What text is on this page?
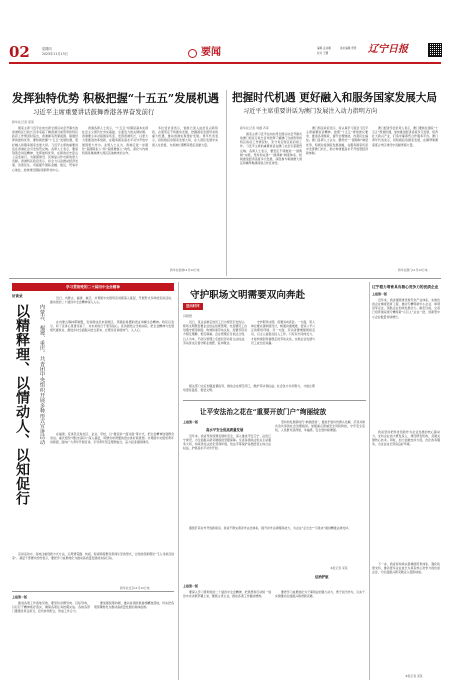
02	星期四
2025年11月13日	要闻	编辑 孟诗娴
校对 王馨
美术编辑 曾青 辽宁日报
发挥独特优势 积极把握“十五五”发展机遇
习近平主席重要讲话鼓舞香港各界奋发前行
新华社记者 某某

国家主席习近平在向出席全国运动会开幕式的香港特区行政长官李家超了解香港当前形势和特区政府工作情况时指出，香港拥有背靠祖国、联通世界的独特优势，要积极把握“十五五”发展机遇，更好融入和服务国家发展大局。习近平主席的重要讲话在香港社会引发热烈反响。各界人士表示，要深刻领会讲话精神，发挥独特优势，在新的历史起点上奋发前行，为强国建设、民族复兴作出新的更大贡献。香港特区政府表示，将全力以赴推动经济发展、改善民生，巩固提升国际金融、航运、贸易中心地位，加快建设国际创新科技中心。

香港各界人士表示，“十五五”时期是基本实现社会主义现代化夯实基础、全面发力的关键时期。香港要主动对接国家所需，发挥香港所长，以更大力度推进改革创新，在服务国家高水平对外开放中展现更大作为。业界人士认为，香港应进一步强化“超级联系人”和“超级增值人”角色，深化与内地特别是粤港澳大湾区其他城市的合作。

多位受访者表示，香港已进入由治及兴新阶段，必须坚定不移推动发展，把握国家发展带来的重大机遇，推动香港实现更好发展。青年代表表示，将积极投身国家发展大局，在大湾区发展中实现人生价值，为香港长期繁荣稳定贡献力量。

新华社香港11月12日电
把握时代机遇 更好融入和服务国家发展大局
习近平主席重要讲话为澳门发展注入动力指明方向
新华社记者 刘刚 齐菲

国家主席习近平在向出席全国运动会开幕式的澳门特区行政长官岑浩辉了解澳门当前形势和特区政府工作情况时，充分肯定特区政府的工作。习近平主席的重要讲话在澳门社会引起强烈反响。各界人士表示，要坚定不移推进“一国两制”实践，坚持和完善“一国两制”制度体系，积极推进经济适度多元发展，深度参与粤港澳大湾区和横琴粤澳深度合作区建设。

澳门特区政府表示，将认真学习领会习近平主席重要讲话精神，按照“十五五”规划建议要求，推进各项施政，提升治理效能，改善民生福祉。澳门各界人士认为，要用好“一国两制”制度优势，积极对接国家发展战略，在服务国家所需中发挥澳门所长，助力构建更高水平开放型经济新体制。

澳门经济学会负责人表示，澳门要抓住国家“十五五”规划机遇，加快推进经济适度多元发展，培育壮大新兴产业，打造中葡商贸合作服务平台。澳门青年代表表示，将积极投身国家发展，在横琴粤澳深度合作区建设中贡献青春力量。

新华社澳门11月12日电
学习贯彻党的二十届四中全会精神
访谈录
以精释理、以情动人、以知促行 内蒙古、福建、重庆、共青团中央组织开展多种形式宣讲活动

近日，内蒙古、福建、重庆、共青团中央组织宣讲团深入基层，开展形式多样的宣讲活动，推动党的二十届四中全会精神深入人心。

在内蒙古锡林郭勒盟，宣讲团成员来到牧区，用通俗易懂的语言讲解全会精神。牧民们表示，听了宣讲心里更亮堂了，对未来的日子更有信心。宣讲团结合当地实际，把全会精神与发展现代畜牧业、推进乡村全面振兴结合起来，让理论宣讲接地气、入人心。

在福建，宣讲员走进社区、企业、学校，以“微宣讲”“面对面”等方式，把全会精神送到群众身边。重庆组织“理论轻骑兵”深入基层，用群众听得懂的语言讲好新思想。共青团中央组织青年讲师团，面向广大青年开展宣讲，引导青年坚定理想信念，奋力投身强国建设。

宣讲活动中，各地注重创新方式方法，运用情景剧、快板、短视频等群众喜闻乐见的形式，让党的创新理论“飞入寻常百姓家”。基层干部群众纷纷表示，要把学习成果转化为推动高质量发展的实际行动。

新华社北京11月12日电
上接第一版

推进各项工作落地见效，要坚持问题导向、目标导向，以钉钉子精神抓好落实，确保各项任务按期完成。各地各部门要强化责任担当，密切协作配合，形成工作合力。

要加强统筹协调，推动各项政策措施精准落地，切实把各项部署转化为推动高质量发展的具体成效。

守护职场文明需要双向奔赴
送出时评
冯朝德

近日，某企业制定的员工行为规范引发热议。职场文明既需要企业依法依规管理，也需要员工自觉遵守规章制度。构建和谐劳动关系，需要劳资双方相互理解、相互尊重。企业管理应当依法合规、以人为本，不能以管理之名侵犯劳动者合法权益；劳动者也应恪守职业道德，爱岗敬业。

守护职场文明，需要双向奔赴。一方面，用人单位要完善制度设计，畅通沟通渠道，营造公平公正的职场环境；另一方面，劳动者要增强规则意识，以主人翁姿态投入工作。只有双方同向发力，才能构建起和谐稳定的劳动关系，实现企业发展与员工成长的双赢。

相关部门也应加强监督指导，推动企业规范用工，维护劳动者权益。社会各方共同努力，才能让职场更有温度、更显文明。

让平安法治之花在“重要开放门户”绚丽绽放
上接第一版
高水平安全促高质量发展

近年来，我省坚持统筹发展和安全，深入推进平安辽宁、法治辽宁建设，为全面振兴新突破提供坚强保障。全省各级政法机关主动服务大局，持续优化法治化营商环境，依法平等保护各类经营主体合法权益，护航高水平对外开放。

坚持和发展新时代“枫桥经验”，推进矛盾纠纷源头化解，打造共建共治共享的社会治理格局。加强重点领域安全风险防控，守牢安全底线，人民群众获得感、幸福感、安全感持续增强。

法治护航

围绕打造对外开放新前沿，我省不断完善涉外法治体系，提升涉外法律服务能力，为企业“走出去”“引进来”提供精准法律支持。

本报记者 某某
上接第一版

要深入学习贯彻党的二十届四中全会精神，把思想和行动统一到党中央决策部署上来，聚焦主责主业，推动各项工作提质增效。

要把学习成果转化为干事创业的强大动力，勇于担当作为，以实干实绩推动全面振兴取得新突破。

辽宁着力培育具有核心竞争力的优质企业
上接第一版

近年来，我省围绕建设现代化产业体系，实施优质企业梯度培育工程，推动专精特新中小企业、单项冠军企业、领航企业加快发展壮大。截至目前，全省已培育国家级专精特新“小巨人”企业一批，创新型中小企业数量持续增长。

我省坚持把科技创新作为企业发展的核心驱动力，支持企业加大研发投入，建设研发机构，突破关键核心技术。同时，加大金融支持力度，优化政务服务，为企业成长营造良好环境。

下一步，我省将持续完善梯度培育体系，强化政策支持，推动更多企业成长为具有核心竞争力的优质企业，为全面振兴新突破注入强劲动能。

本报记者 某某
